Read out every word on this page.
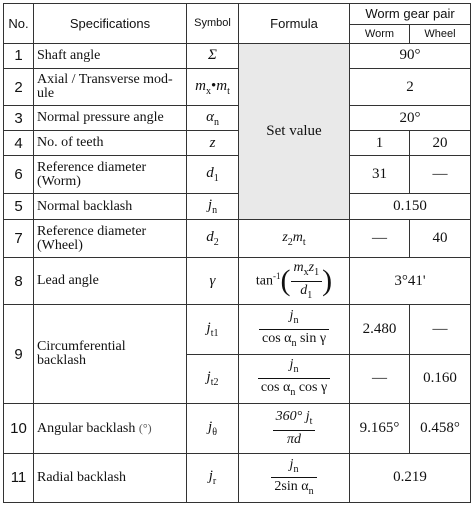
No.	Specifications	Symbol	Formula	Worm gear pair	
				Worm	Wheel
1	Shaft angle	Σ	Set value	90°	
2	Axial / Transverse mod-
ule	$m_x•m_t$		2	
3	Normal pressure angle	$\alpha_n$		20°	
4	No. of teeth	z		1	20
6	Reference diameter
(Worm)	$d_1$		31	—
5	Normal backlash	$j_n$		0.150	
7	Reference diameter
(Wheel)	$d_2$	$z_2m_t$	—	40
8	Lead angle	γ	$\tan^{-1}( \frac{m_xz_1}{d_1}$ )	3°41'	
9	Circumferential
backlash	$j_{t1}$	$\frac{j_n}{\cos \alpha_n \sin \gamma}$	2.480	—
		$j_{t2}$	$\frac{j_n}{\cos \alpha_n \cos \gamma}$	—	0.160
10	Angular backlash (°)	$j_\theta$	$\frac{360^\circ j_t}{\pi d}$	9.165°	0.458°
11	Radial backlash	$j_r$	$\frac{j_n}{2\sin \alpha_n}$	0.219	
